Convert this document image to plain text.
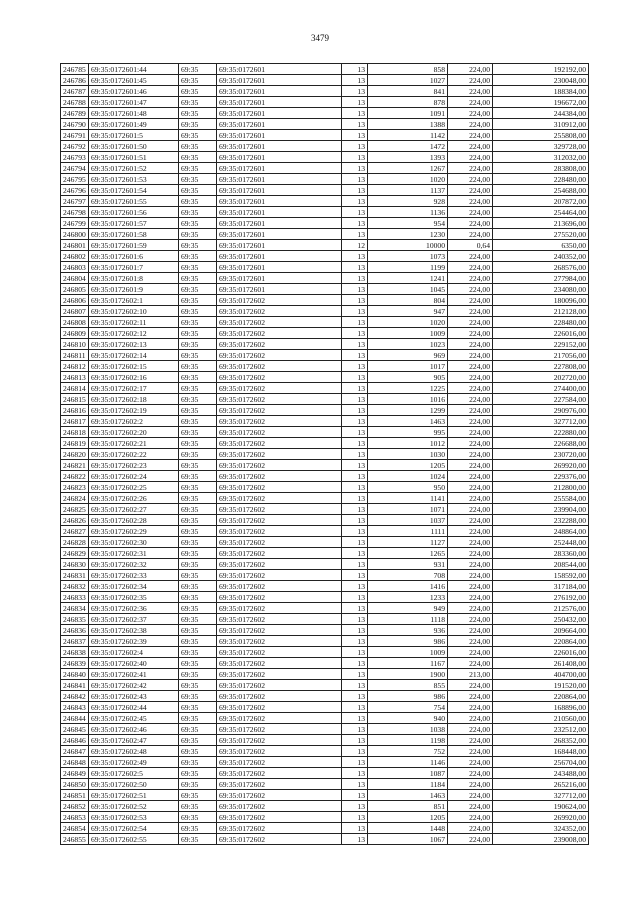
3479
246785	69:35:0172601:44	69:35	69:35:0172601	13	858	224,00	192192,00
246786	69:35:0172601:45	69:35	69:35:0172601	13	1027	224,00	230048,00
246787	69:35:0172601:46	69:35	69:35:0172601	13	841	224,00	188384,00
246788	69:35:0172601:47	69:35	69:35:0172601	13	878	224,00	196672,00
246789	69:35:0172601:48	69:35	69:35:0172601	13	1091	224,00	244384,00
246790	69:35:0172601:49	69:35	69:35:0172601	13	1388	224,00	310912,00
246791	69:35:0172601:5	69:35	69:35:0172601	13	1142	224,00	255808,00
246792	69:35:0172601:50	69:35	69:35:0172601	13	1472	224,00	329728,00
246793	69:35:0172601:51	69:35	69:35:0172601	13	1393	224,00	312032,00
246794	69:35:0172601:52	69:35	69:35:0172601	13	1267	224,00	283808,00
246795	69:35:0172601:53	69:35	69:35:0172601	13	1020	224,00	228480,00
246796	69:35:0172601:54	69:35	69:35:0172601	13	1137	224,00	254688,00
246797	69:35:0172601:55	69:35	69:35:0172601	13	928	224,00	207872,00
246798	69:35:0172601:56	69:35	69:35:0172601	13	1136	224,00	254464,00
246799	69:35:0172601:57	69:35	69:35:0172601	13	954	224,00	213696,00
246800	69:35:0172601:58	69:35	69:35:0172601	13	1230	224,00	275520,00
246801	69:35:0172601:59	69:35	69:35:0172601	12	10000	0,64	6350,00
246802	69:35:0172601:6	69:35	69:35:0172601	13	1073	224,00	240352,00
246803	69:35:0172601:7	69:35	69:35:0172601	13	1199	224,00	268576,00
246804	69:35:0172601:8	69:35	69:35:0172601	13	1241	224,00	277984,00
246805	69:35:0172601:9	69:35	69:35:0172601	13	1045	224,00	234080,00
246806	69:35:0172602:1	69:35	69:35:0172602	13	804	224,00	180096,00
246807	69:35:0172602:10	69:35	69:35:0172602	13	947	224,00	212128,00
246808	69:35:0172602:11	69:35	69:35:0172602	13	1020	224,00	228480,00
246809	69:35:0172602:12	69:35	69:35:0172602	13	1009	224,00	226016,00
246810	69:35:0172602:13	69:35	69:35:0172602	13	1023	224,00	229152,00
246811	69:35:0172602:14	69:35	69:35:0172602	13	969	224,00	217056,00
246812	69:35:0172602:15	69:35	69:35:0172602	13	1017	224,00	227808,00
246813	69:35:0172602:16	69:35	69:35:0172602	13	905	224,00	202720,00
246814	69:35:0172602:17	69:35	69:35:0172602	13	1225	224,00	274400,00
246815	69:35:0172602:18	69:35	69:35:0172602	13	1016	224,00	227584,00
246816	69:35:0172602:19	69:35	69:35:0172602	13	1299	224,00	290976,00
246817	69:35:0172602:2	69:35	69:35:0172602	13	1463	224,00	327712,00
246818	69:35:0172602:20	69:35	69:35:0172602	13	995	224,00	222880,00
246819	69:35:0172602:21	69:35	69:35:0172602	13	1012	224,00	226688,00
246820	69:35:0172602:22	69:35	69:35:0172602	13	1030	224,00	230720,00
246821	69:35:0172602:23	69:35	69:35:0172602	13	1205	224,00	269920,00
246822	69:35:0172602:24	69:35	69:35:0172602	13	1024	224,00	229376,00
246823	69:35:0172602:25	69:35	69:35:0172602	13	950	224,00	212800,00
246824	69:35:0172602:26	69:35	69:35:0172602	13	1141	224,00	255584,00
246825	69:35:0172602:27	69:35	69:35:0172602	13	1071	224,00	239904,00
246826	69:35:0172602:28	69:35	69:35:0172602	13	1037	224,00	232288,00
246827	69:35:0172602:29	69:35	69:35:0172602	13	1111	224,00	248864,00
246828	69:35:0172602:30	69:35	69:35:0172602	13	1127	224,00	252448,00
246829	69:35:0172602:31	69:35	69:35:0172602	13	1265	224,00	283360,00
246830	69:35:0172602:32	69:35	69:35:0172602	13	931	224,00	208544,00
246831	69:35:0172602:33	69:35	69:35:0172602	13	708	224,00	158592,00
246832	69:35:0172602:34	69:35	69:35:0172602	13	1416	224,00	317184,00
246833	69:35:0172602:35	69:35	69:35:0172602	13	1233	224,00	276192,00
246834	69:35:0172602:36	69:35	69:35:0172602	13	949	224,00	212576,00
246835	69:35:0172602:37	69:35	69:35:0172602	13	1118	224,00	250432,00
246836	69:35:0172602:38	69:35	69:35:0172602	13	936	224,00	209664,00
246837	69:35:0172602:39	69:35	69:35:0172602	13	986	224,00	220864,00
246838	69:35:0172602:4	69:35	69:35:0172602	13	1009	224,00	226016,00
246839	69:35:0172602:40	69:35	69:35:0172602	13	1167	224,00	261408,00
246840	69:35:0172602:41	69:35	69:35:0172602	13	1900	213,00	404700,00
246841	69:35:0172602:42	69:35	69:35:0172602	13	855	224,00	191520,00
246842	69:35:0172602:43	69:35	69:35:0172602	13	986	224,00	220864,00
246843	69:35:0172602:44	69:35	69:35:0172602	13	754	224,00	168896,00
246844	69:35:0172602:45	69:35	69:35:0172602	13	940	224,00	210560,00
246845	69:35:0172602:46	69:35	69:35:0172602	13	1038	224,00	232512,00
246846	69:35:0172602:47	69:35	69:35:0172602	13	1198	224,00	268352,00
246847	69:35:0172602:48	69:35	69:35:0172602	13	752	224,00	168448,00
246848	69:35:0172602:49	69:35	69:35:0172602	13	1146	224,00	256704,00
246849	69:35:0172602:5	69:35	69:35:0172602	13	1087	224,00	243488,00
246850	69:35:0172602:50	69:35	69:35:0172602	13	1184	224,00	265216,00
246851	69:35:0172602:51	69:35	69:35:0172602	13	1463	224,00	327712,00
246852	69:35:0172602:52	69:35	69:35:0172602	13	851	224,00	190624,00
246853	69:35:0172602:53	69:35	69:35:0172602	13	1205	224,00	269920,00
246854	69:35:0172602:54	69:35	69:35:0172602	13	1448	224,00	324352,00
246855	69:35:0172602:55	69:35	69:35:0172602	13	1067	224,00	239008,00
